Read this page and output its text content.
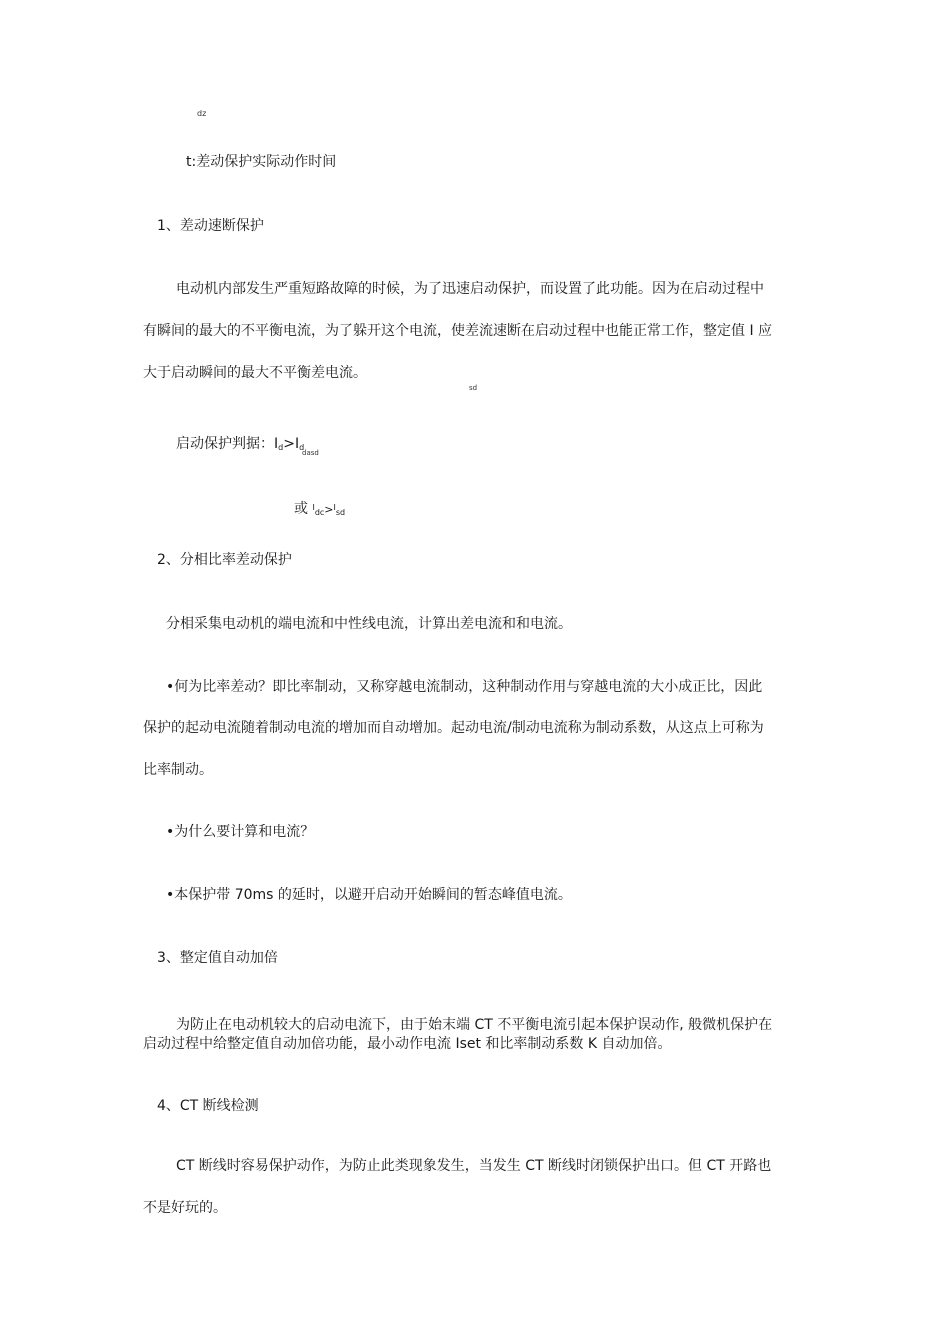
dz
t:差动保护实际动作时间
1、差动速断保护
电动机内部发生严重短路故障的时候，为了迅速启动保护，而设置了此功能。因为在启动过程中
有瞬间的最大的不平衡电流，为了躲开这个电流，使差流速断在启动过程中也能正常工作，整定值 I 应
大于启动瞬间的最大不平衡差电流。
sd
启动保护判据：Id>Id
dasd
或 $^I$dc>$^I$sd
2、分相比率差动保护
分相采集电动机的端电流和中性线电流，计算出差电流和和电流。
• 何为比率差动？即比率制动，又称穿越电流制动，这种制动作用与穿越电流的大小成正比，因此
保护的起动电流随着制动电流的增加而自动增加。起动电流/制动电流称为制动系数，从这点上可称为
比率制动。
• 为什么要计算和电流？
• 本保护带 70ms 的延时，以避开启动开始瞬间的暂态峰值电流。
3、整定值自动加倍
为防止在电动机较大的启动电流下，由于始末端 CT 不平衡电流引起本保护误动作, 般微机保护在
启动过程中给整定值自动加倍功能，最小动作电流 Iset 和比率制动系数 K 自动加倍。
4、CT 断线检测
CT 断线时容易保护动作，为防止此类现象发生，当发生 CT 断线时闭锁保护出口。但 CT 开路也
不是好玩的。
